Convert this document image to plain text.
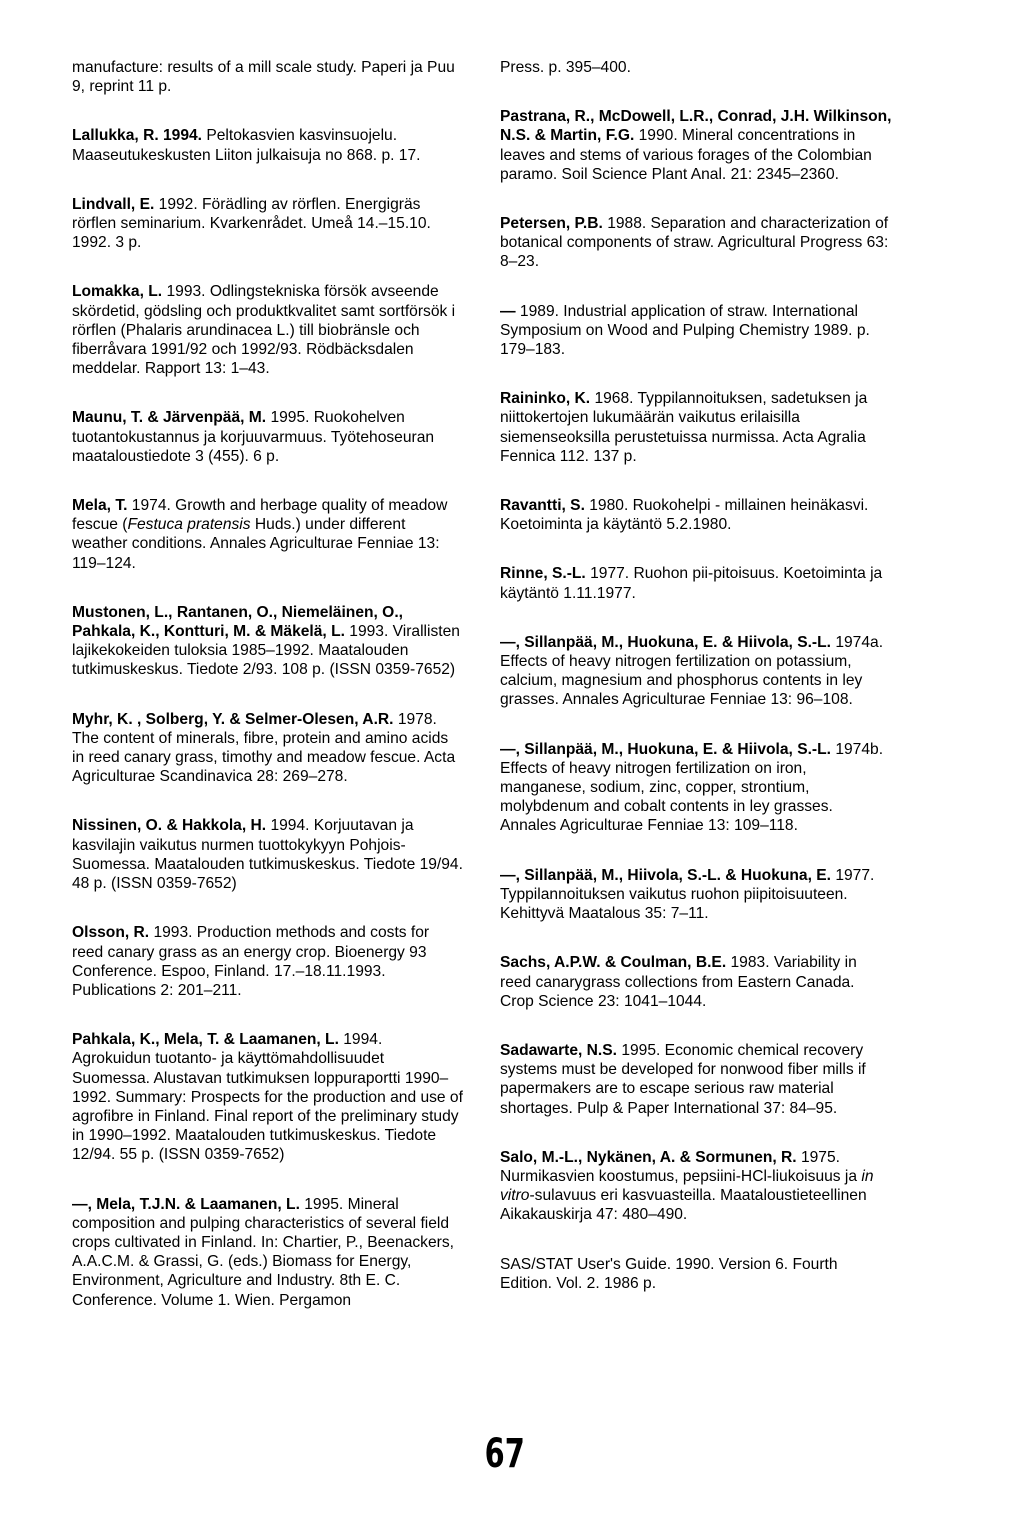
manufacture: results of a mill scale study. Paperi ja Puu 9, reprint 11 p.

Lallukka, R. 1994. Peltokasvien kasvinsuojelu. Maaseutukeskusten Liiton julkaisuja no 868. p. 17.

Lindvall, E. 1992. Förädling av rörflen. Energigräs rörflen seminarium. Kvarkenrådet. Umeå 14.–15.10. 1992. 3 p.

Lomakka, L. 1993. Odlingstekniska försök avseende skördetid, gödsling och produktkvalitet samt sortförsök i rörflen (Phalaris arundinacea L.) till biobränsle och fiberråvara 1991/92 och 1992/93. Rödbäcksdalen meddelar. Rapport 13: 1–43.

Maunu, T. & Järvenpää, M. 1995. Ruokohelven tuotantokustannus ja korjuuvarmuus. Työtehoseuran maataloustiedote 3 (455). 6 p.

Mela, T. 1974. Growth and herbage quality of meadow fescue (Festuca pratensis Huds.) under different weather conditions. Annales Agriculturae Fenniae 13: 119–124.

Mustonen, L., Rantanen, O., Niemeläinen, O., Pahkala, K., Kontturi, M. & Mäkelä, L. 1993. Virallisten lajikekokeiden tuloksia 1985–1992. Maatalouden tutkimuskeskus. Tiedote 2/93. 108 p. (ISSN 0359-7652)

Myhr, K. , Solberg, Y. & Selmer-Olesen, A.R. 1978. The content of minerals, fibre, protein and amino acids in reed canary grass, timothy and meadow fescue. Acta Agriculturae Scandinavica 28: 269–278.

Nissinen, O. & Hakkola, H. 1994. Korjuutavan ja kasvilajin vaikutus nurmen tuottokykyyn Pohjois-Suomessa. Maatalouden tutkimuskeskus. Tiedote 19/94. 48 p. (ISSN 0359-7652)

Olsson, R. 1993. Production methods and costs for reed canary grass as an energy crop. Bioenergy 93 Conference. Espoo, Finland. 17.–18.11.1993. Publications 2: 201–211.

Pahkala, K., Mela, T. & Laamanen, L. 1994. Agrokuidun tuotanto- ja käyttömahdollisuudet Suomessa. Alustavan tutkimuksen loppuraportti 1990–1992. Summary: Prospects for the production and use of agrofibre in Finland. Final report of the preliminary study in 1990–1992. Maatalouden tutkimuskeskus. Tiedote 12/94. 55 p. (ISSN 0359-7652)

—, Mela, T.J.N. & Laamanen, L. 1995. Mineral composition and pulping characteristics of several field crops cultivated in Finland. In: Chartier, P., Beenackers, A.A.C.M. & Grassi, G. (eds.) Biomass for Energy, Environment, Agriculture and Industry. 8th E. C. Conference. Volume 1. Wien. Pergamon

Press. p. 395–400.

Pastrana, R., McDowell, L.R., Conrad, J.H. Wilkinson, N.S. & Martin, F.G. 1990. Mineral concentrations in leaves and stems of various forages of the Colombian paramo. Soil Science Plant Anal. 21: 2345–2360.

Petersen, P.B. 1988. Separation and characterization of botanical components of straw. Agricultural Progress 63: 8–23.

— 1989. Industrial application of straw. International Symposium on Wood and Pulping Chemistry 1989. p. 179–183.

Raininko, K. 1968. Typpilannoituksen, sadetuksen ja niittokertojen lukumäärän vaikutus erilaisilla siemenseoksilla perustetuissa nurmissa. Acta Agralia Fennica 112. 137 p.

Ravantti, S. 1980. Ruokohelpi - millainen heinäkasvi. Koetoiminta ja käytäntö 5.2.1980.

Rinne, S.-L. 1977. Ruohon pii-pitoisuus. Koetoiminta ja käytäntö 1.11.1977.

—, Sillanpää, M., Huokuna, E. & Hiivola, S.-L. 1974a. Effects of heavy nitrogen fertilization on potassium, calcium, magnesium and phosphorus contents in ley grasses. Annales Agriculturae Fenniae 13: 96–108.

—, Sillanpää, M., Huokuna, E. & Hiivola, S.-L. 1974b. Effects of heavy nitrogen fertilization on iron, manganese, sodium, zinc, copper, strontium, molybdenum and cobalt contents in ley grasses. Annales Agriculturae Fenniae 13: 109–118.

—, Sillanpää, M., Hiivola, S.-L. & Huokuna, E. 1977. Typpilannoituksen vaikutus ruohon piipitoisuuteen. Kehittyvä Maatalous 35: 7–11.

Sachs, A.P.W. & Coulman, B.E. 1983. Variability in reed canarygrass collections from Eastern Canada. Crop Science 23: 1041–1044.

Sadawarte, N.S. 1995. Economic chemical recovery systems must be developed for nonwood fiber mills if papermakers are to escape serious raw material shortages. Pulp & Paper International 37: 84–95.

Salo, M.-L., Nykänen, A. & Sormunen, R. 1975. Nurmikasvien koostumus, pepsiini-HCl-liukoisuus ja in vitro-sulavuus eri kasvuasteilla. Maataloustieteellinen Aikakauskirja 47: 480–490.

SAS/STAT User's Guide. 1990. Version 6. Fourth Edition. Vol. 2. 1986 p.

67
